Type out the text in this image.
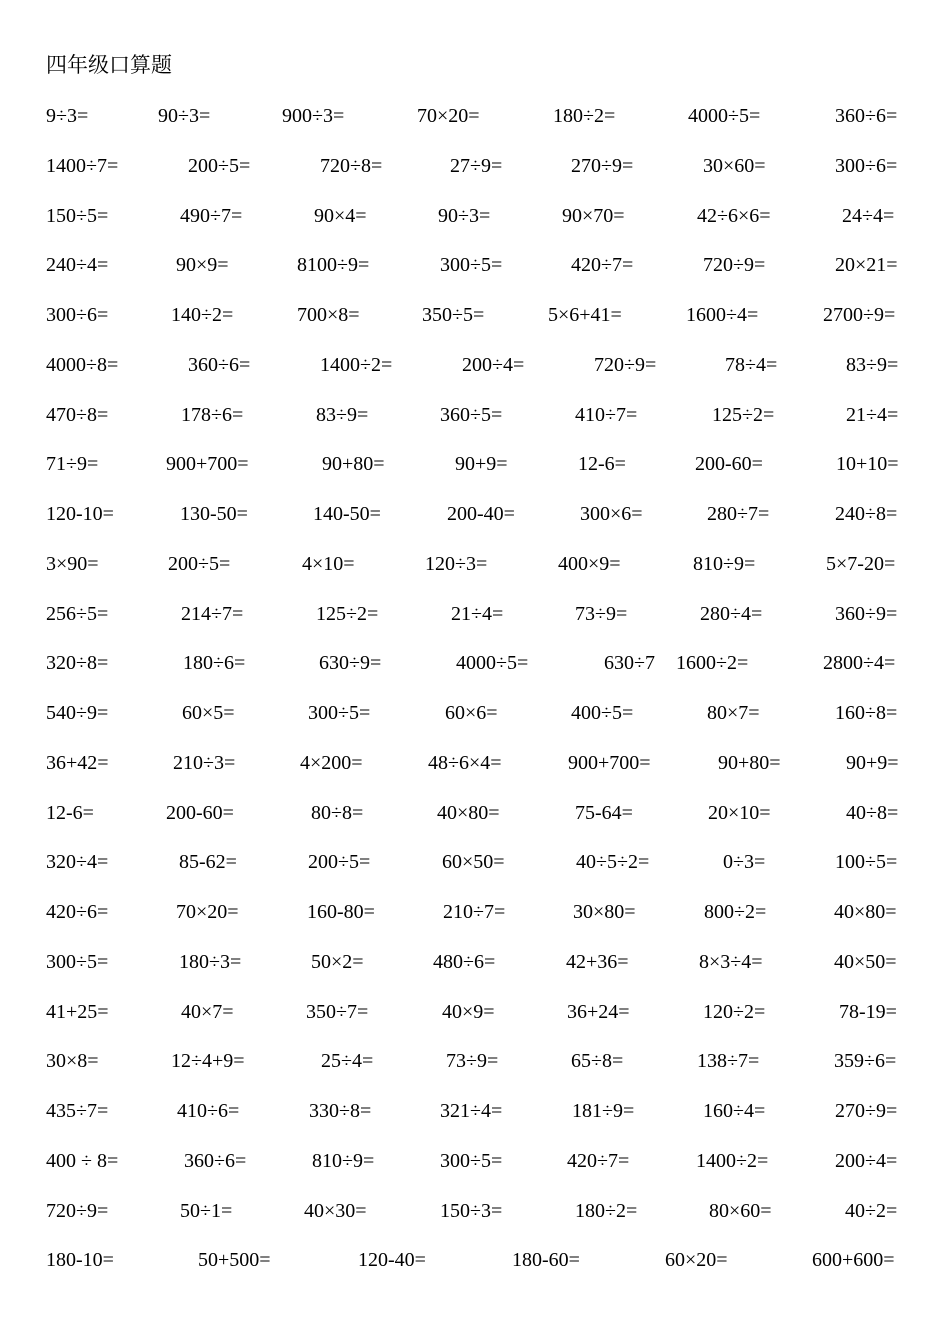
四年级口算题
9÷3=	90÷3=	900÷3=	70×20=	180÷2=	4000÷5=	360÷6=
1400÷7=	200÷5=	720÷8=	27÷9=	270÷9=	30×60=	300÷6=
150÷5=	490÷7=	90×4=	90÷3=	90×70=	42÷6×6=	24÷4=
240÷4=	90×9=	8100÷9=	300÷5=	420÷7=	720÷9=	20×21=
300÷6=	140÷2=	700×8=	350÷5=	5×6+41=	1600÷4=	2700÷9=
4000÷8=	360÷6=	1400÷2=	200÷4=	720÷9=	78÷4=	83÷9=
470÷8=	178÷6=	83÷9=	360÷5=	410÷7=	125÷2=	21÷4=
71÷9=	900+700=	90+80=	90+9=	12-6=	200-60=	10+10=
120-10=	130-50=	140-50=	200-40=	300×6=	280÷7=	240÷8=
3×90=	200÷5=	4×10=	120÷3=	400×9=	810÷9=	5×7-20=
256÷5=	214÷7=	125÷2=	21÷4=	73÷9=	280÷4=	360÷9=
320÷8=	180÷6=	630÷9=	4000÷5=	630÷7 1600÷2=	2800÷4=
540÷9=	60×5=	300÷5=	60×6=	400÷5=	80×7=	160÷8=
36+42=	210÷3=	4×200=	48÷6×4=	900+700=	90+80=	90+9=
12-6=	200-60=	80÷8=	40×80=	75-64=	20×10=	40÷8=
320÷4=	85-62=	200÷5=	60×50=	40÷5÷2=	0÷3=	100÷5=
420÷6=	70×20=	160-80=	210÷7=	30×80=	800÷2=	40×80=
300÷5=	180÷3=	50×2=	480÷6=	42+36=	8×3÷4=	40×50=
41+25=	40×7=	350÷7=	40×9=	36+24=	120÷2=	78-19=
30×8=	12÷4+9=	25÷4=	73÷9=	65÷8=	138÷7=	359÷6=
435÷7=	410÷6=	330÷8=	321÷4=	181÷9=	160÷4=	270÷9=
400 ÷ 8=	360÷6=	810÷9=	300÷5=	420÷7=	1400÷2=	200÷4=
720÷9=	50÷1=	40×30=	150÷3=	180÷2=	80×60=	40÷2=
180-10=	50+500=	120-40=	180-60=	60×20=	600+600=
